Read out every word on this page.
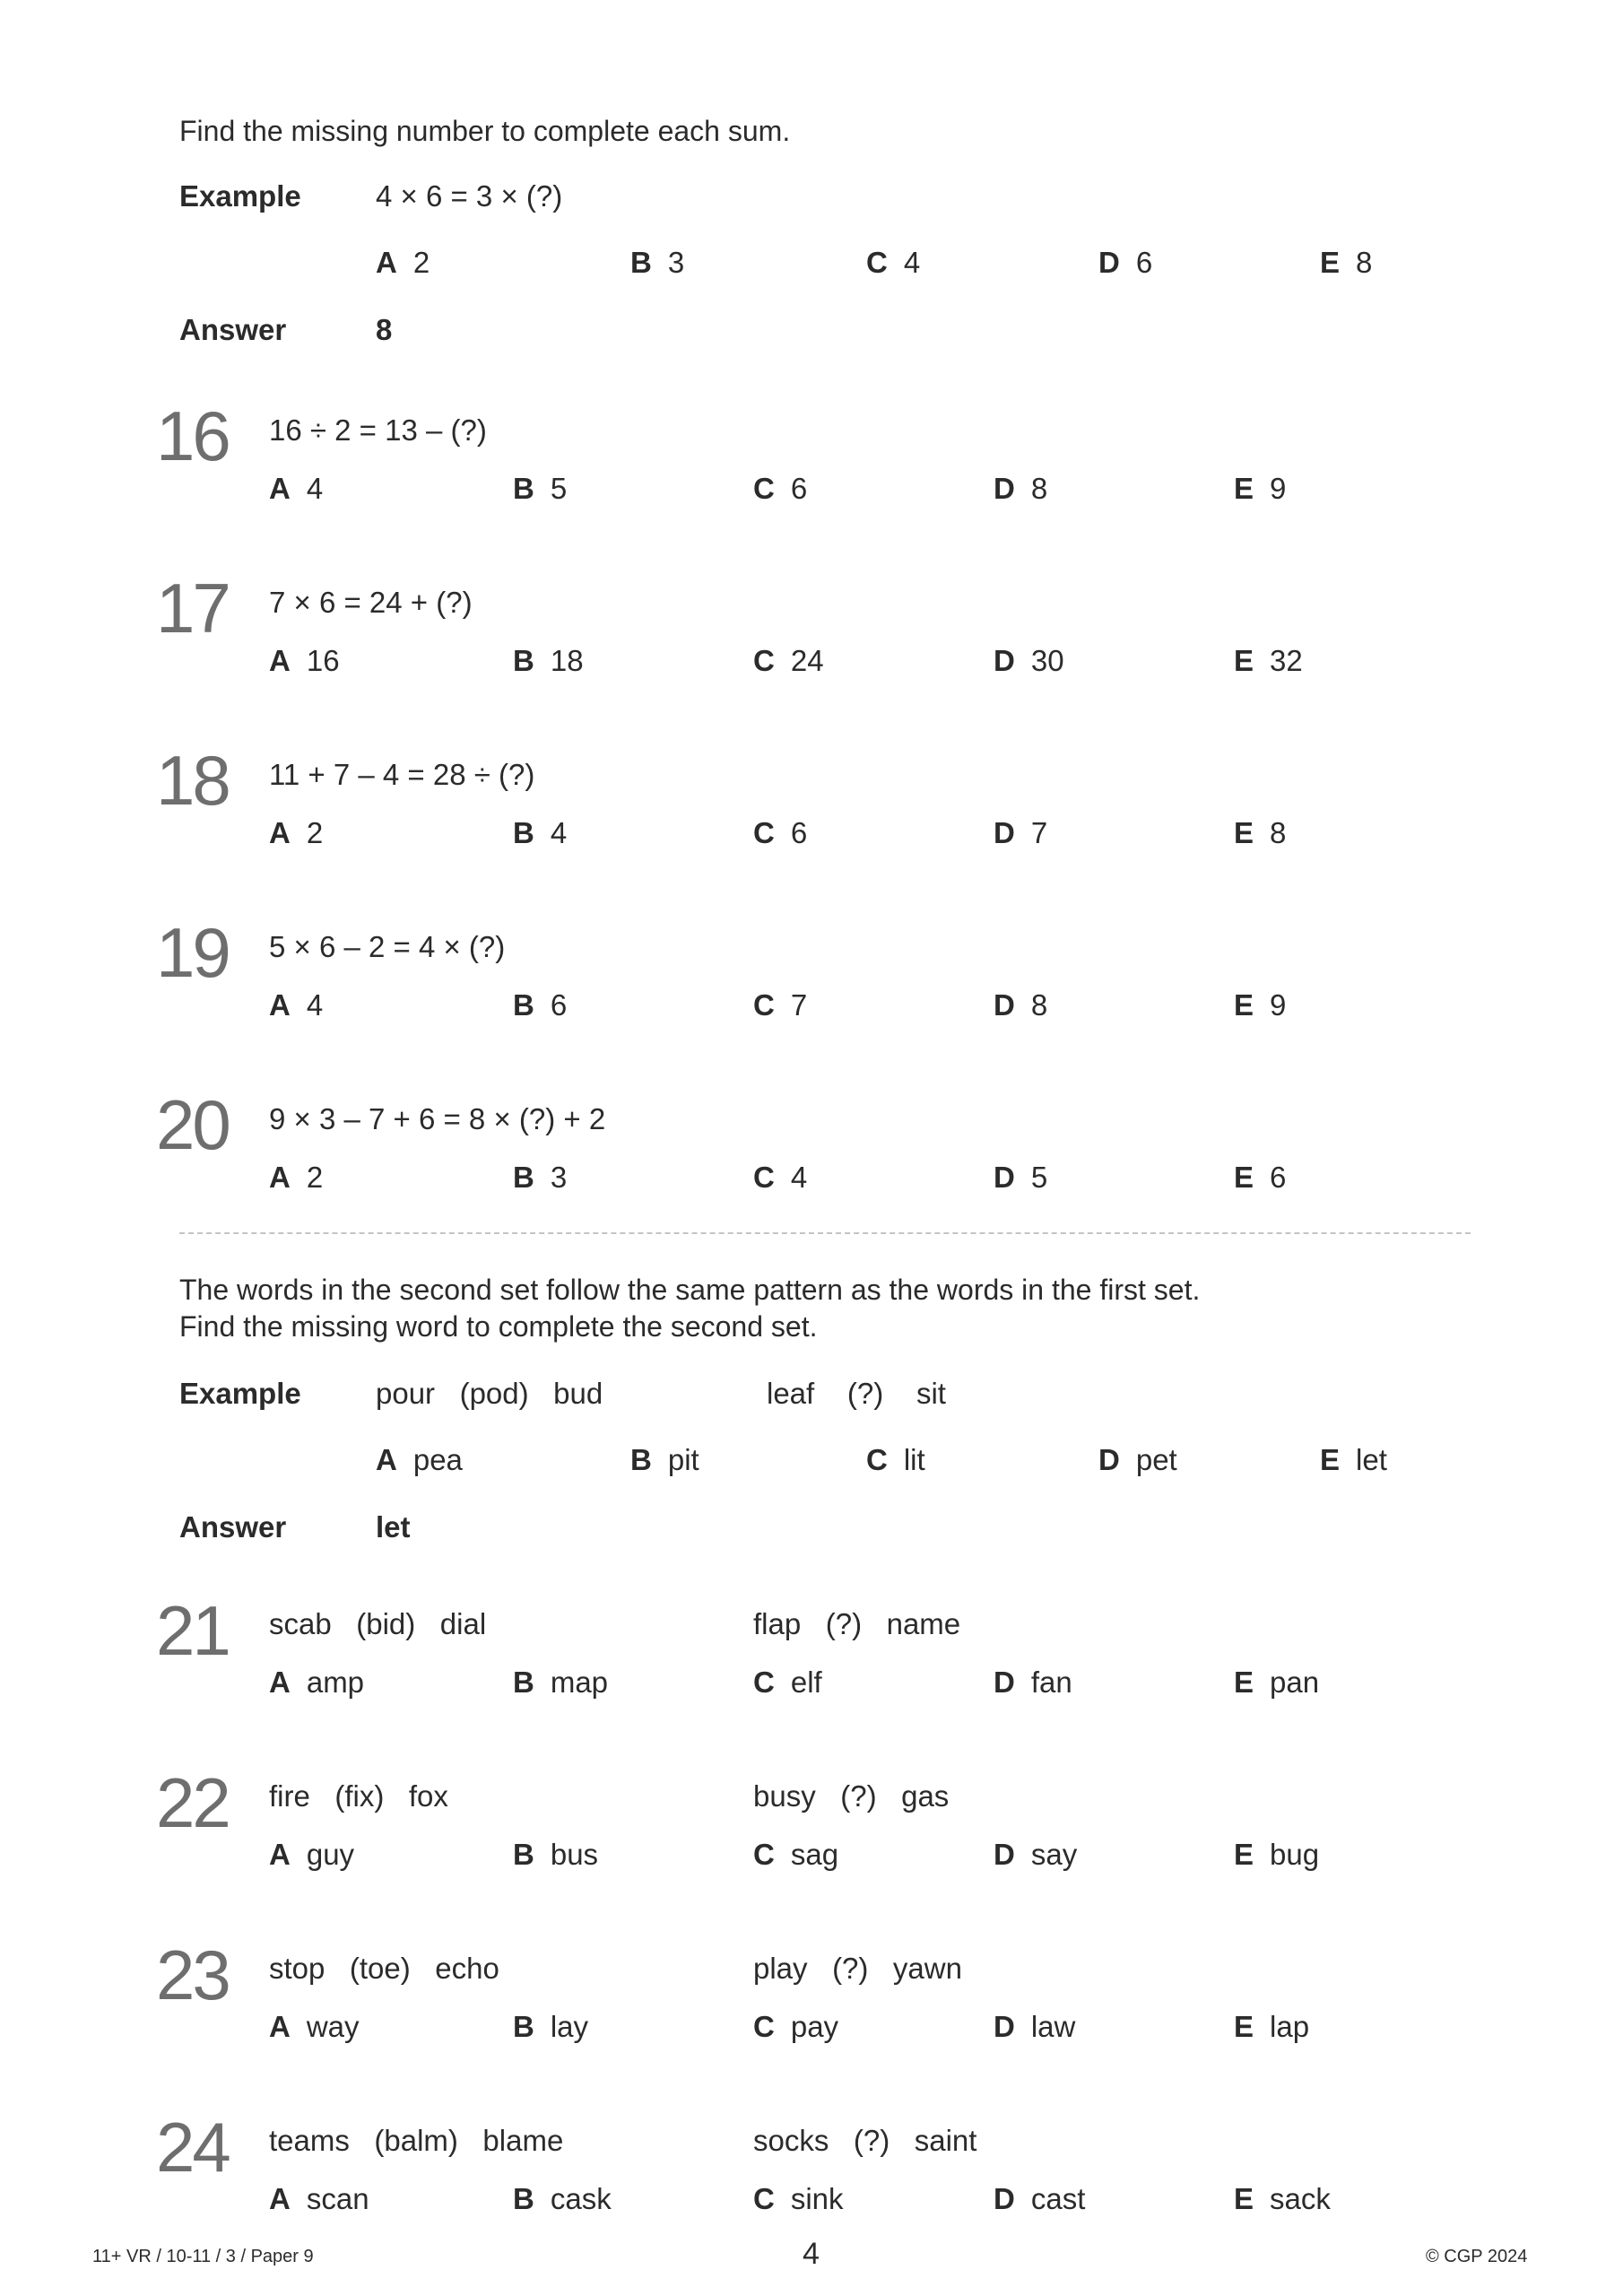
Find the missing number to complete each sum.
Example	4 × 6 = 3 × (?)
A 2	B 3	C 4	D 6	E 8
Answer	8
16 16 ÷ 2 = 13 – (?)
A 4	B 5	C 6	D 8	E 9
17 7 × 6 = 24 + (?)
A 16	B 18	C 24	D 30	E 32
18 11 + 7 – 4 = 28 ÷ (?)
A 2	B 4	C 6	D 7	E 8
19 5 × 6 – 2 = 4 × (?)
A 4	B 6	C 7	D 8	E 9
20 9 × 3 – 7 + 6 = 8 × (?) + 2
A 2	B 3	C 4	D 5	E 6
The words in the second set follow the same pattern as the words in the first set.
Find the missing word to complete the second set.
Example	pour (pod) bud	leaf (?) sit
A pea	B pit	C lit	D pet	E let
Answer	let
21 scab (bid) dial	flap (?) name
A amp	B map	C elf	D fan	E pan
22 fire (fix) fox	busy (?) gas
A guy	B bus	C sag	D say	E bug
23 stop (toe) echo	play (?) yawn
A way	B lay	C pay	D law	E lap
24 teams (balm) blame	socks (?) saint
A scan	B cask	C sink	D cast	E sack
11+ VR / 10-11 / 3 / Paper 9	4	© CGP 2024
